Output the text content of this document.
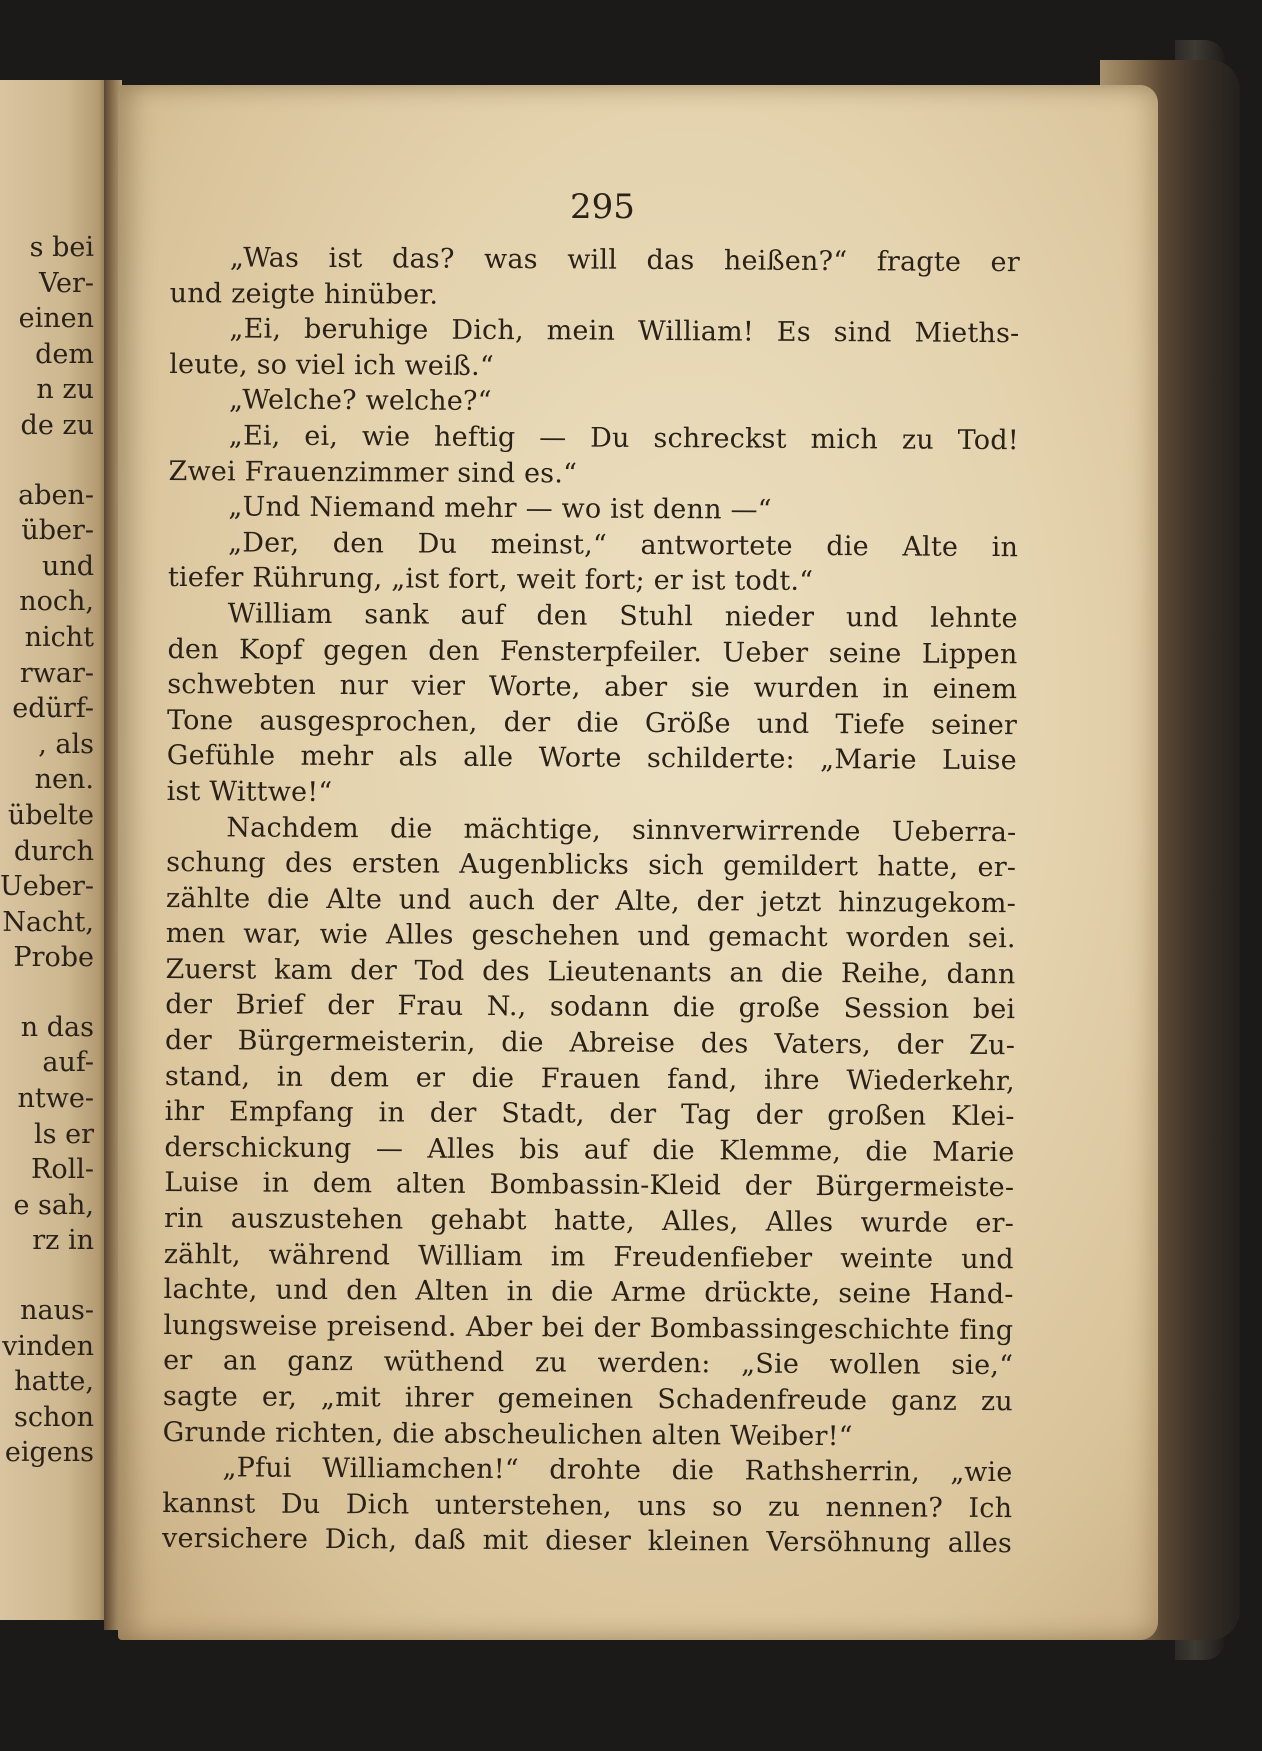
s bei
Ver-
einen
dem
n zu
de zu
aben-
über-
und
noch,
nicht
rwar-
edürf-
, als
nen.
übelte
durch
Ueber-
Nacht,
Probe
n das
auf-
ntwe-
ls er
Roll-
e sah,
rz in
naus-
vinden
hatte,
schon
eigens
295
„Was ist das? was will das heißen?“ fragte er
und zeigte hinüber.
„Ei, beruhige Dich, mein William! Es sind Mieths-
leute, so viel ich weiß.“
„Welche? welche?“
„Ei, ei, wie heftig — Du schreckst mich zu Tod!
Zwei Frauenzimmer sind es.“
„Und Niemand mehr — wo ist denn —“
„Der, den Du meinst,“ antwortete die Alte in
tiefer Rührung, „ist fort, weit fort; er ist todt.“
William sank auf den Stuhl nieder und lehnte
den Kopf gegen den Fensterpfeiler. Ueber seine Lippen
schwebten nur vier Worte, aber sie wurden in einem
Tone ausgesprochen, der die Größe und Tiefe seiner
Gefühle mehr als alle Worte schilderte: „Marie Luise
ist Wittwe!“
Nachdem die mächtige, sinnverwirrende Ueberra-
schung des ersten Augenblicks sich gemildert hatte, er-
zählte die Alte und auch der Alte, der jetzt hinzugekom-
men war, wie Alles geschehen und gemacht worden sei.
Zuerst kam der Tod des Lieutenants an die Reihe, dann
der Brief der Frau N., sodann die große Session bei
der Bürgermeisterin, die Abreise des Vaters, der Zu-
stand, in dem er die Frauen fand, ihre Wiederkehr,
ihr Empfang in der Stadt, der Tag der großen Klei-
derschickung — Alles bis auf die Klemme, die Marie
Luise in dem alten Bombassin-Kleid der Bürgermeiste-
rin auszustehen gehabt hatte, Alles, Alles wurde er-
zählt, während William im Freudenfieber weinte und
lachte, und den Alten in die Arme drückte, seine Hand-
lungsweise preisend. Aber bei der Bombassingeschichte fing
er an ganz wüthend zu werden: „Sie wollen sie,“
sagte er, „mit ihrer gemeinen Schadenfreude ganz zu
Grunde richten, die abscheulichen alten Weiber!“
„Pfui Williamchen!“ drohte die Rathsherrin, „wie
kannst Du Dich unterstehen, uns so zu nennen? Ich
versichere Dich, daß mit dieser kleinen Versöhnung alles
